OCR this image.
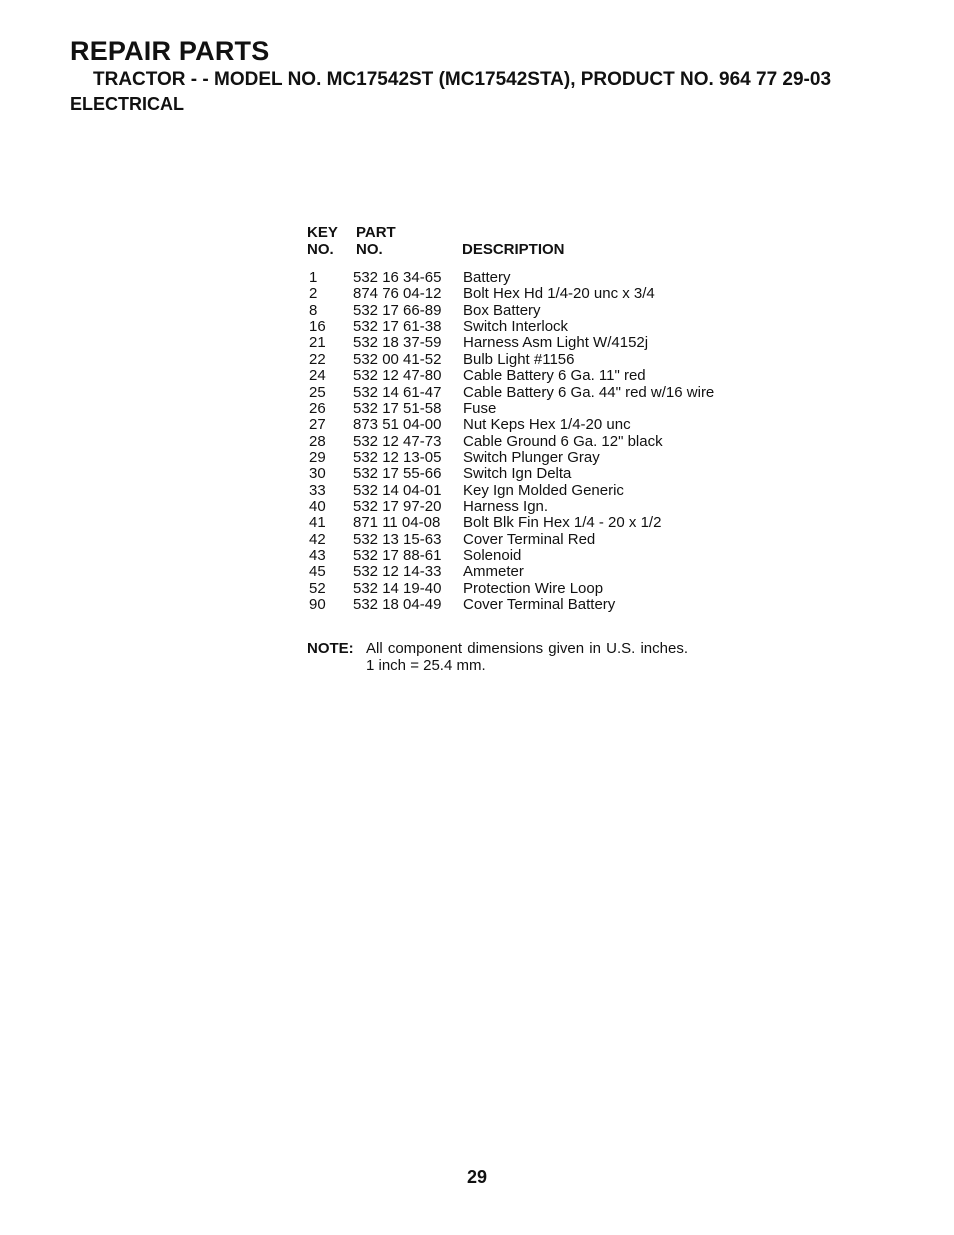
REPAIR PARTS
TRACTOR - - MODEL NO. MC17542ST (MC17542STA), PRODUCT NO. 964 77 29-03
ELECTRICAL
KEY
NO.
PART
NO.	DESCRIPTION
1 532 16 34-65 Battery
2 874 76 04-12 Bolt Hex Hd 1/4-20 unc x 3/4
8 532 17 66-89 Box Battery
16 532 17 61-38 Switch Interlock
21 532 18 37-59 Harness Asm Light W/4152j
22 532 00 41-52 Bulb Light #1156
24 532 12 47-80 Cable Battery 6 Ga. 11" red
25 532 14 61-47 Cable Battery 6 Ga. 44" red w/16 wire
26 532 17 51-58 Fuse
27 873 51 04-00 Nut Keps Hex 1/4-20 unc
28 532 12 47-73 Cable Ground 6 Ga. 12" black
29 532 12 13-05 Switch Plunger Gray
30 532 17 55-66 Switch Ign Delta
33 532 14 04-01 Key Ign Molded Generic
40 532 17 97-20 Harness Ign.
41 871 11 04-08 Bolt Blk Fin Hex 1/4 - 20 x 1/2
42 532 13 15-63 Cover Terminal Red
43 532 17 88-61 Solenoid
45 532 12 14-33 Ammeter
52 532 14 19-40 Protection Wire Loop
90 532 18 04-49 Cover Terminal Battery
NOTE: All component dimensions given in U.S. inches.
1 inch = 25.4 mm.
29
